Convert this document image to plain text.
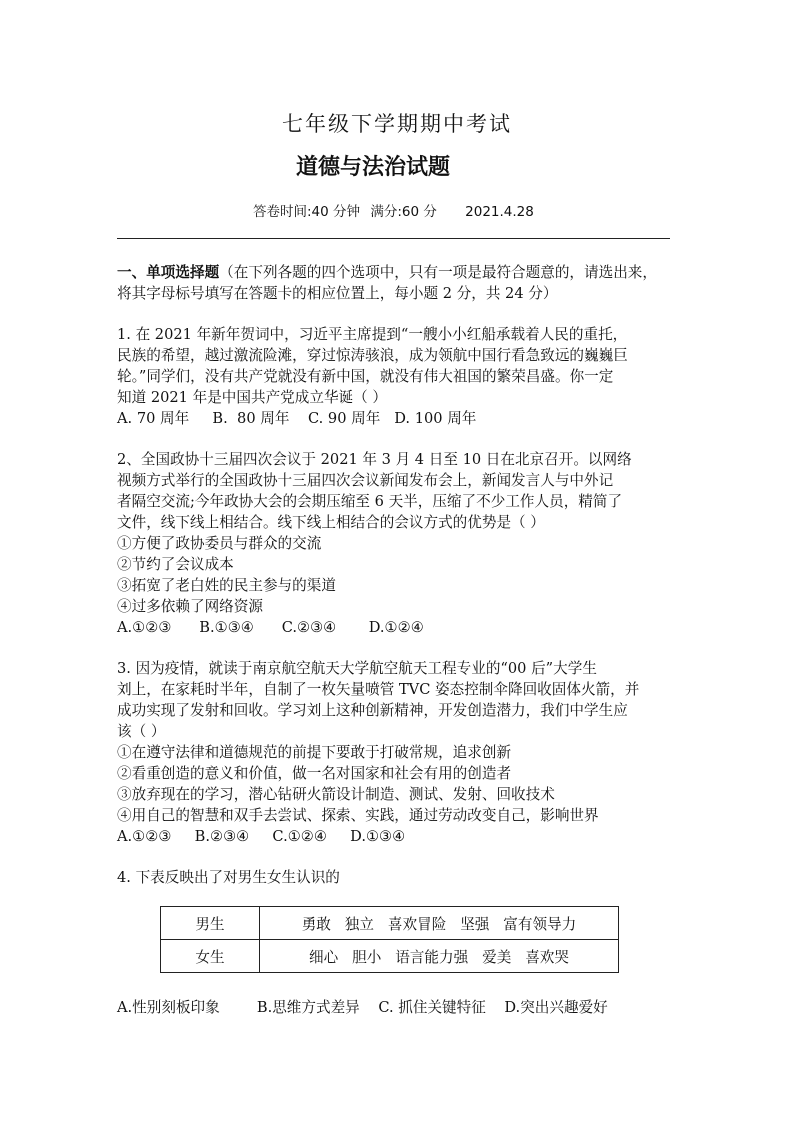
七年级下学期期中考试
道德与法治试题
答卷时间:40 分钟 满分:60 分 2021.4.28
一、单项选择题（在下列各题的四个选项中，只有一项是最符合题意的，请选出来，
将其字母标号填写在答题卡的相应位置上，每小题 2 分，共 24 分）
1. 在 2021 年新年贺词中，习近平主席提到“一艘小小红船承载着人民的重托，
民族的希望，越过激流险滩，穿过惊涛骇浪，成为领航中国行看急致远的巍巍巨
轮。”同学们，没有共产党就没有新中国，就没有伟大祖国的繁荣昌盛。你一定
知道 2021 年是中国共产党成立华诞（ ）
A. 70 周年     B.  80 周年    C. 90 周年   D. 100 周年
2、全国政协十三届四次会议于 2021 年 3 月 4 日至 10 日在北京召开。以网络
视频方式举行的全国政协十三届四次会议新闻发布会上，新闻发言人与中外记
者隔空交流;今年政协大会的会期压缩至 6 天半，压缩了不少工作人员，精简了
文件，线下线上相结合。线下线上相结合的会议方式的优势是（ ）
①方便了政协委员与群众的交流
②节约了会议成本
③拓宽了老白姓的民主参与的渠道
④过多依赖了网络资源
A.①②③      B.①③④      C.②③④       D.①②④
3. 因为疫情，就读于南京航空航天大学航空航天工程专业的“00 后”大学生
刘上，在家耗时半年，自制了一枚矢量喷管 TVC 姿态控制伞降回收固体火箭，并
成功实现了发射和回收。学习刘上这种创新精神，开发创造潜力，我们中学生应
该（ ）
①在遵守法律和道德规范的前提下要敢于打破常规，追求创新
②看重创造的意义和价值，做一名对国家和社会有用的创造者
③放弃现在的学习，潜心钻研火箭设计制造、测试、发射、回收技术
④用自己的智慧和双手去尝试、探索、实践，通过劳动改变自己，影响世界
A.①②③     B.②③④     C.①②④     D.①③④
4. 下表反映出了对男生女生认识的
男生	勇敢   独立   喜欢冒险   坚强   富有领导力
女生	细心   胆小   语言能力强   爱美   喜欢哭
A.性别刻板印象        B.思维方式差异    C. 抓住关键特征    D.突出兴趣爱好
